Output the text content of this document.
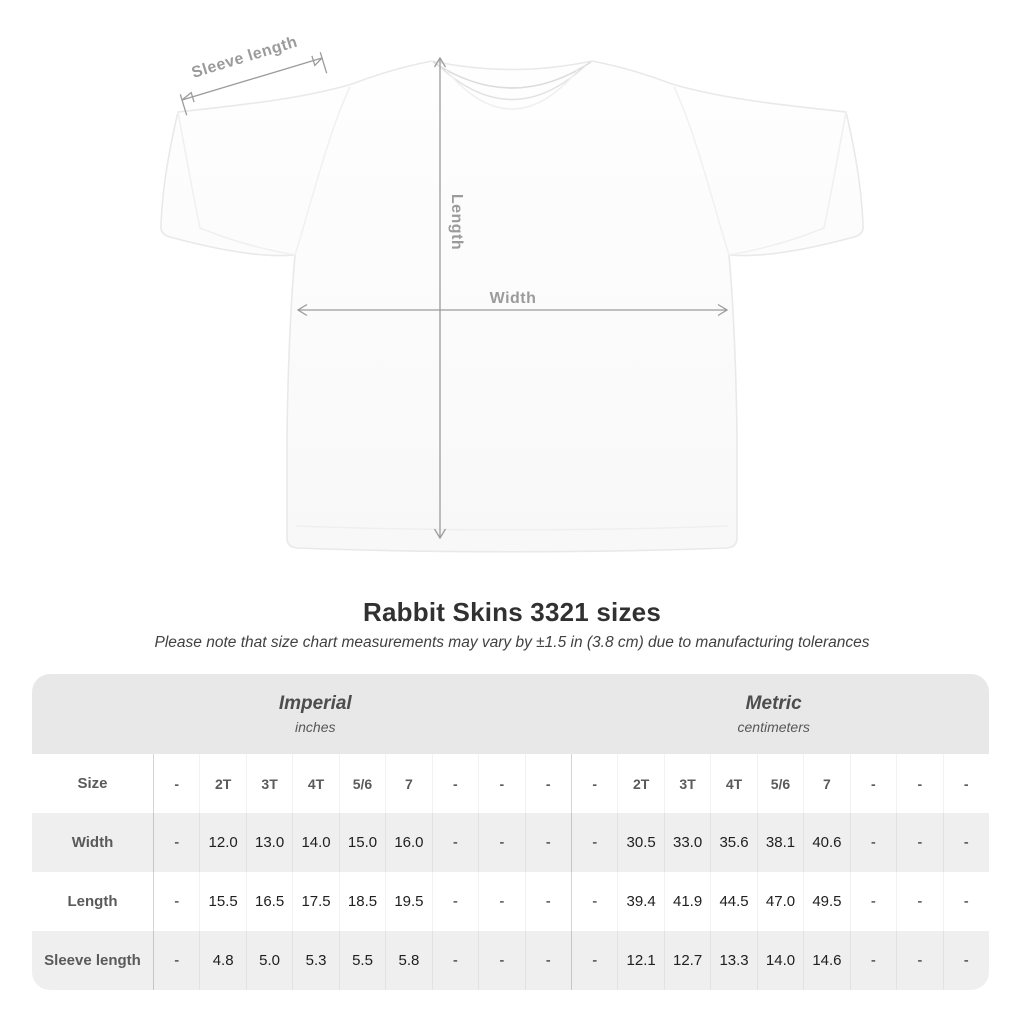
Sleeve length
Length
Width
Rabbit Skins 3321 sizes
Please note that size chart measurements may vary by ±1.5 in (3.8 cm) due to manufacturing tolerances
Imperial
inches
Metric
centimeters
Size	-	2T	3T	4T	5/6	7	-	-	-	-	2T	3T	4T	5/6	7	-	-	-
Width	-	12.0	13.0	14.0	15.0	16.0	-	-	-	-	30.5	33.0	35.6	38.1	40.6	-	-	-
Length	-	15.5	16.5	17.5	18.5	19.5	-	-	-	-	39.4	41.9	44.5	47.0	49.5	-	-	-
Sleeve length	-	4.8	5.0	5.3	5.5	5.8	-	-	-	-	12.1	12.7	13.3	14.0	14.6	-	-	-
